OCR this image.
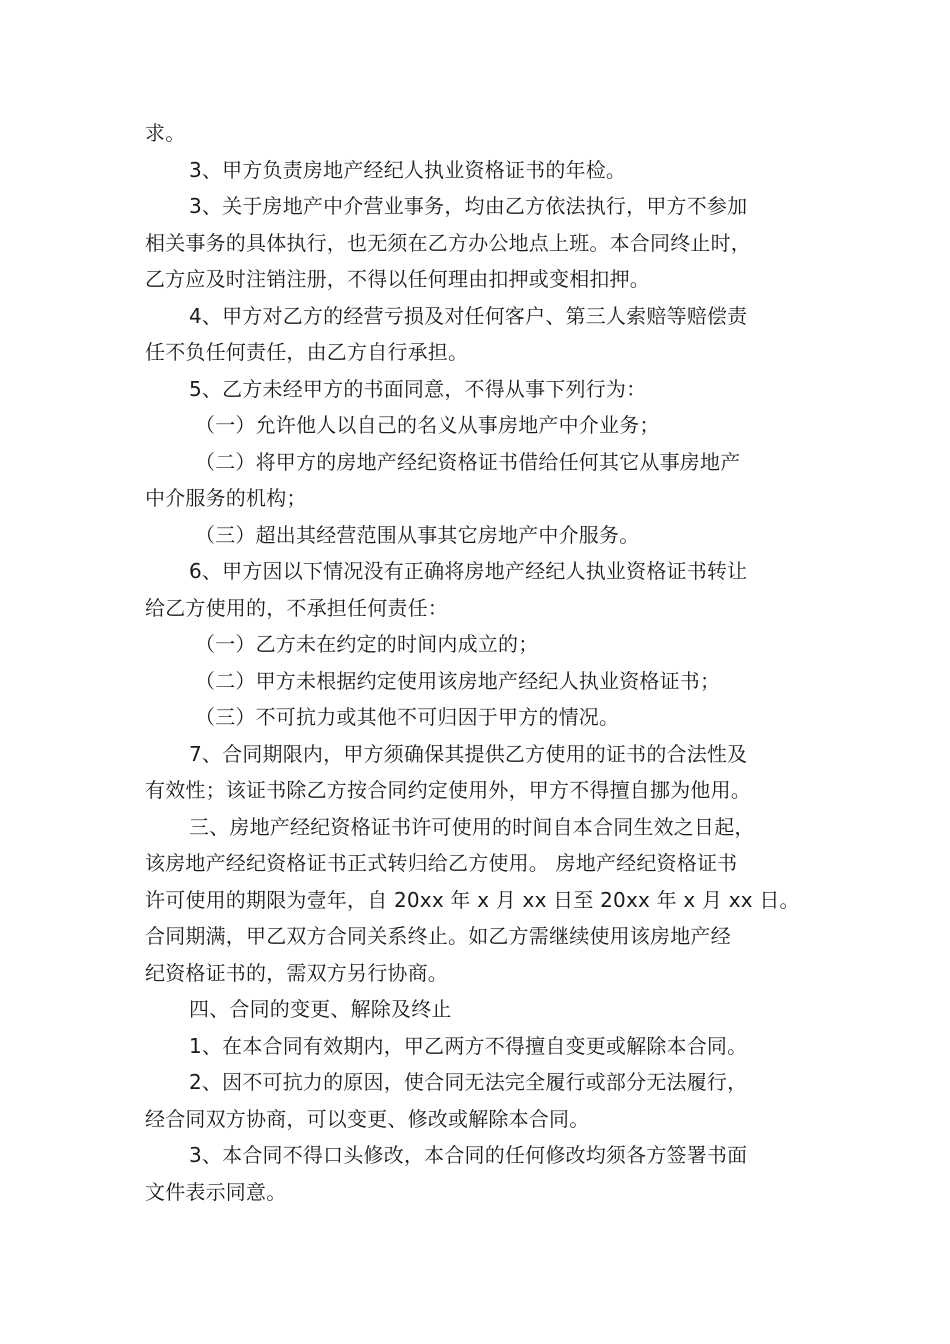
求。
3、甲方负责房地产经纪人执业资格证书的年检。
3、关于房地产中介营业事务，均由乙方依法执行，甲方不参加
相关事务的具体执行，也无须在乙方办公地点上班。本合同终止时，
乙方应及时注销注册，不得以任何理由扣押或变相扣押。
4、甲方对乙方的经营亏损及对任何客户、第三人索赔等赔偿责
任不负任何责任，由乙方自行承担。
5、乙方未经甲方的书面同意，不得从事下列行为：
（一）允许他人以自己的名义从事房地产中介业务；
（二）将甲方的房地产经纪资格证书借给任何其它从事房地产
中介服务的机构；
（三）超出其经营范围从事其它房地产中介服务。
6、甲方因以下情况没有正确将房地产经纪人执业资格证书转让
给乙方使用的，不承担任何责任：
（一）乙方未在约定的时间内成立的；
（二）甲方未根据约定使用该房地产经纪人执业资格证书；
（三）不可抗力或其他不可归因于甲方的情况。
7、合同期限内，甲方须确保其提供乙方使用的证书的合法性及
有效性；该证书除乙方按合同约定使用外，甲方不得擅自挪为他用。
三、房地产经纪资格证书许可使用的时间自本合同生效之日起，
该房地产经纪资格证书正式转归给乙方使用。 房地产经纪资格证书
许可使用的期限为壹年，自 20xx 年 x 月 xx 日至 20xx 年 x 月 xx 日。
合同期满，甲乙双方合同关系终止。如乙方需继续使用该房地产经
纪资格证书的，需双方另行协商。
四、合同的变更、解除及终止
1、在本合同有效期内，甲乙两方不得擅自变更或解除本合同。
2、因不可抗力的原因，使合同无法完全履行或部分无法履行，
经合同双方协商，可以变更、修改或解除本合同。
3、本合同不得口头修改，本合同的任何修改均须各方签署书面
文件表示同意。
